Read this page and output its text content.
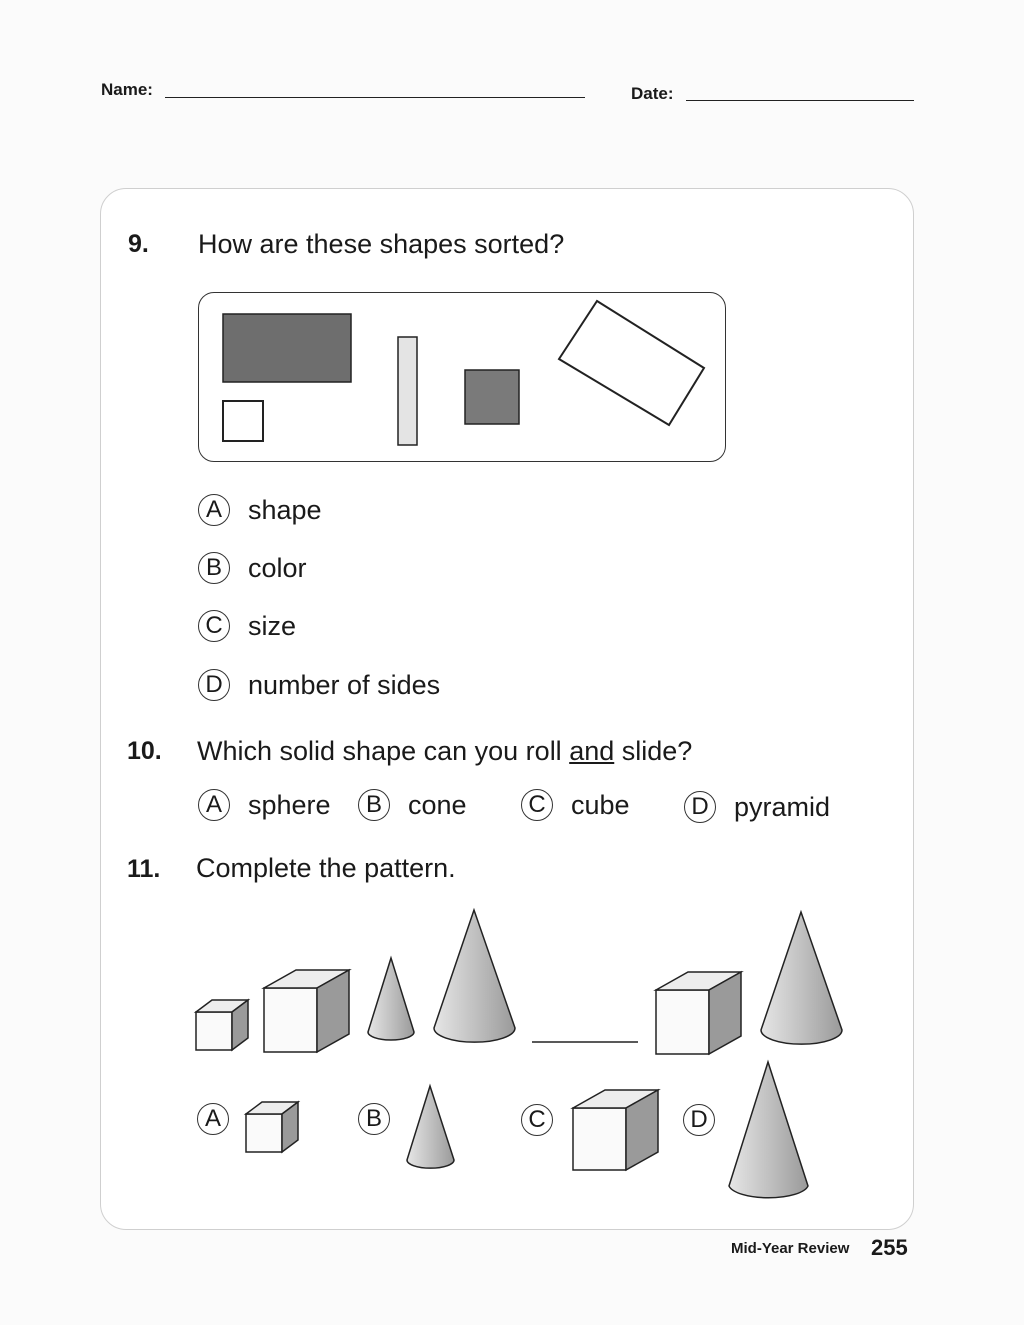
Name:	Date:
9. How are these shapes sorted?
A shape
B color
C size
D number of sides
10. Which solid shape can you roll and slide?
A sphere	B cone	C cube	D pyramid
11. Complete the pattern.
A	B	C	D
Mid-Year Review 255
